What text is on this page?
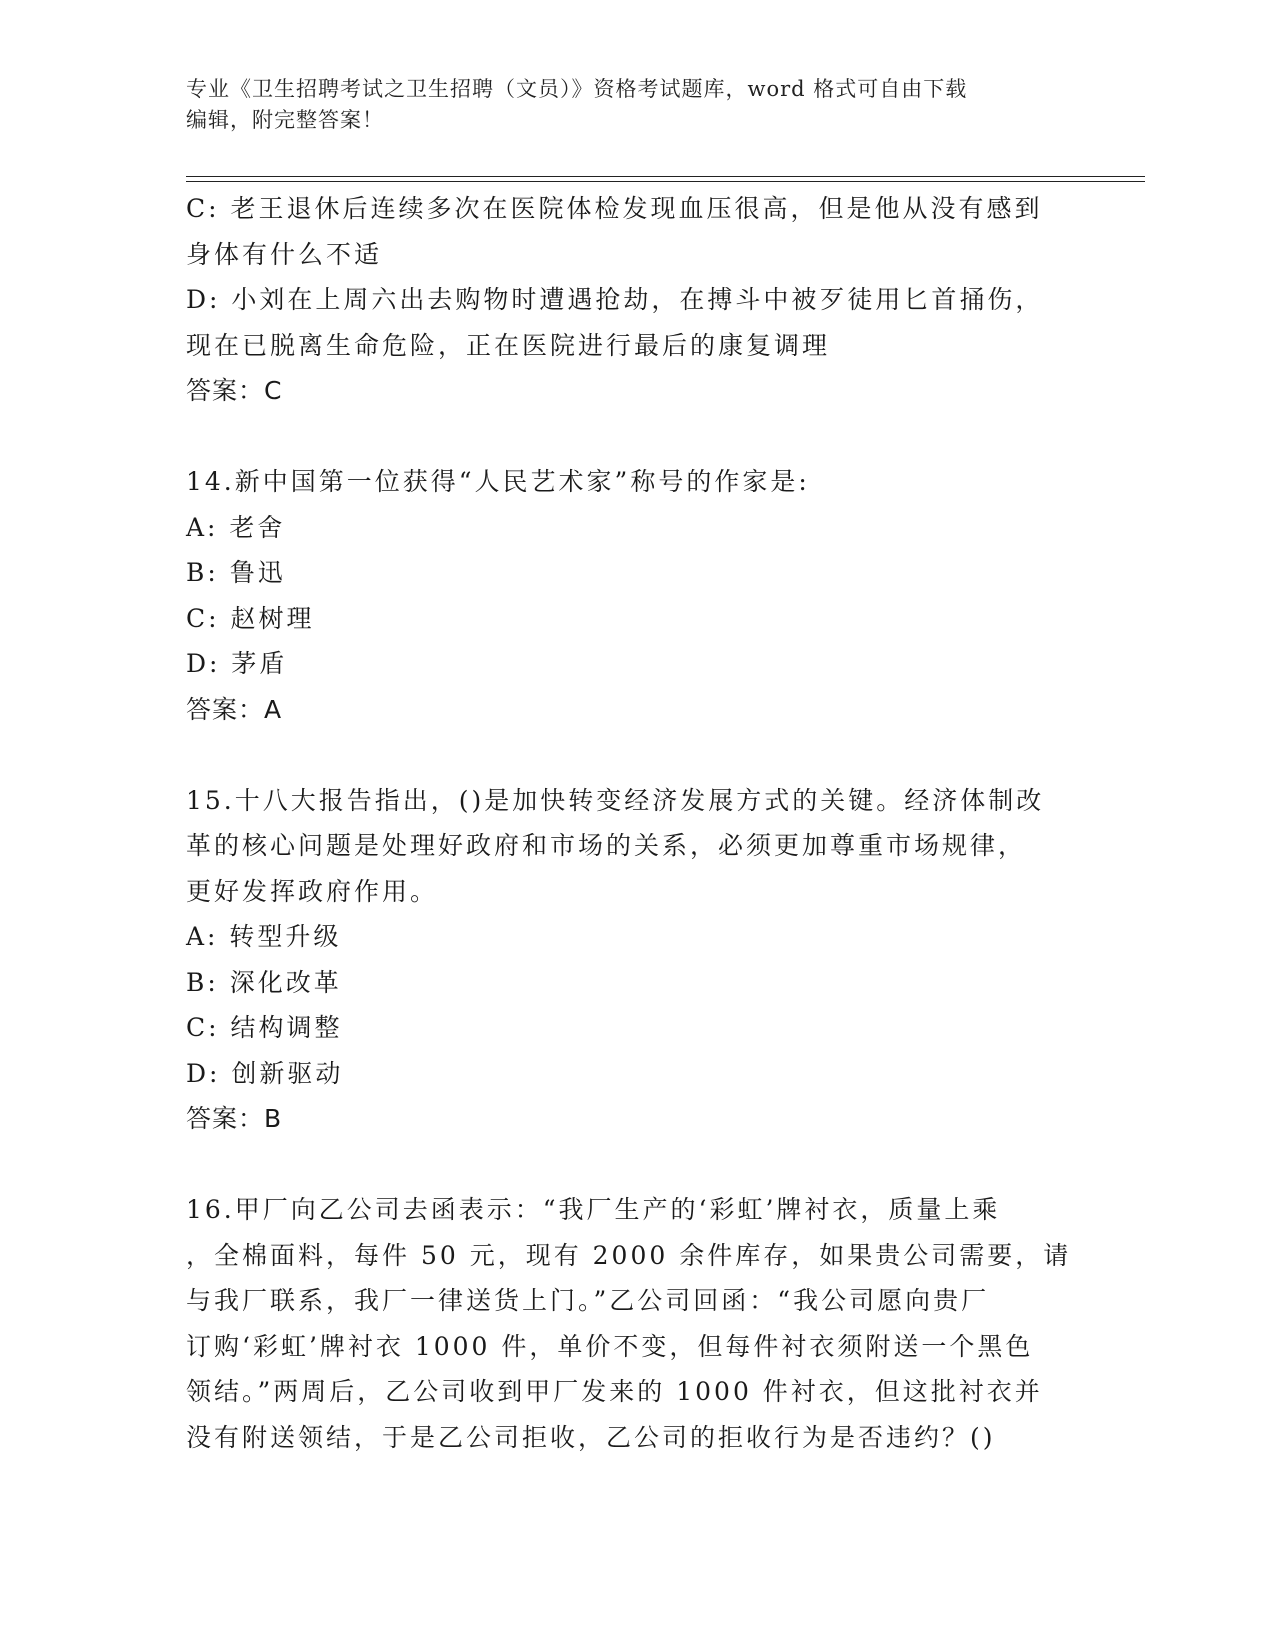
专业《卫生招聘考试之卫生招聘（文员）》资格考试题库，word 格式可自由下载
编辑，附完整答案！
C: 老王退休后连续多次在医院体检发现血压很高，但是他从没有感到
身体有什么不适
D: 小刘在上周六出去购物时遭遇抢劫，在搏斗中被歹徒用匕首捅伤，
现在已脱离生命危险，正在医院进行最后的康复调理
答案：C
14.新中国第一位获得“人民艺术家”称号的作家是:
A: 老舍
B: 鲁迅
C: 赵树理
D: 茅盾
答案：A
15.十八大报告指出，()是加快转变经济发展方式的关键。经济体制改
革的核心问题是处理好政府和市场的关系，必须更加尊重市场规律，
更好发挥政府作用。
A: 转型升级
B: 深化改革
C: 结构调整
D: 创新驱动
答案：B
16.甲厂向乙公司去函表示：“我厂生产的‘彩虹’牌衬衣，质量上乘
，全棉面料，每件 50 元，现有 2000 余件库存，如果贵公司需要，请
与我厂联系，我厂一律送货上门。”乙公司回函：“我公司愿向贵厂
订购‘彩虹’牌衬衣 1000 件，单价不变，但每件衬衣须附送一个黑色
领结。”两周后，乙公司收到甲厂发来的 1000 件衬衣，但这批衬衣并
没有附送领结，于是乙公司拒收，乙公司的拒收行为是否违约？()
